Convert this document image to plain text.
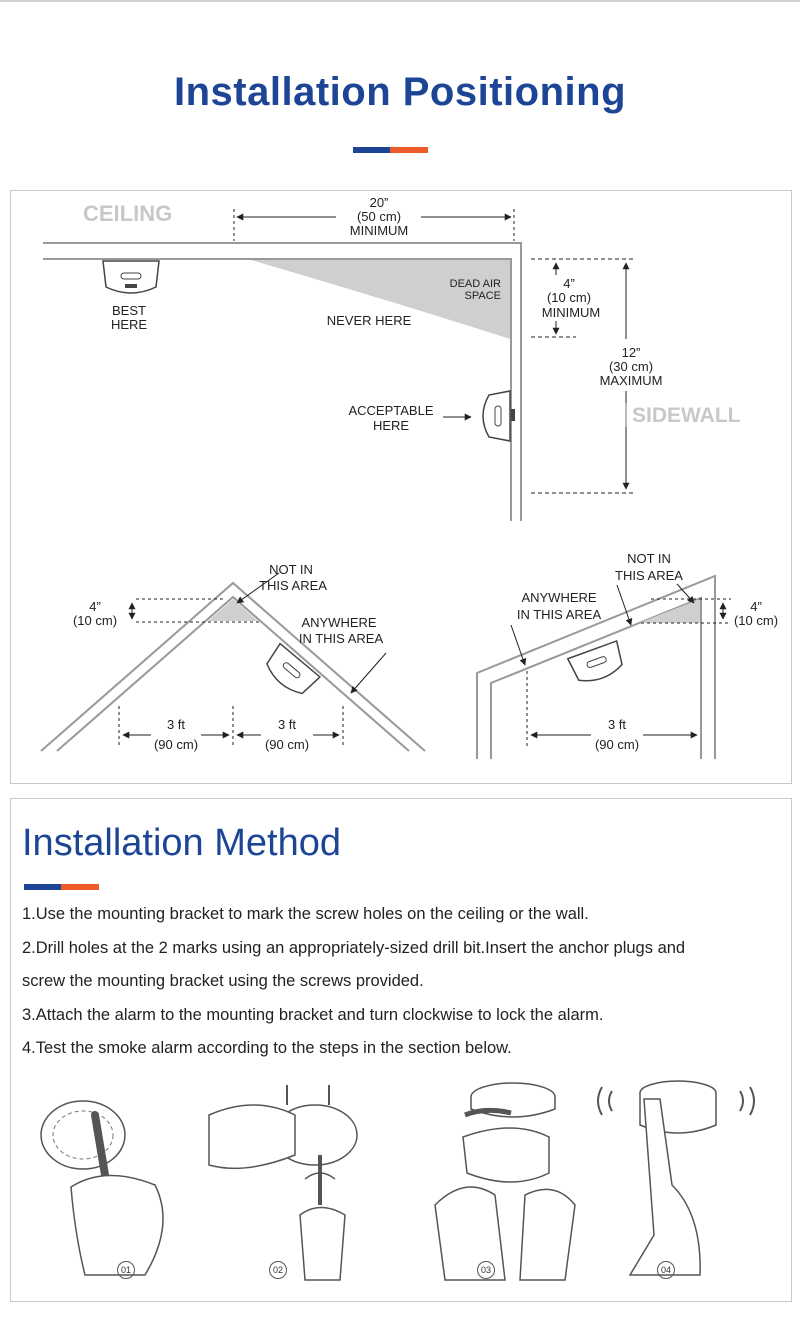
Installation Positioning
CEILING	20”
(50 cm)
MINIMUM
BEST
HERE	NEVER HERE
DEAD AIR
SPACE
4”
(10 cm)
MINIMUM
12”
(30 cm)
MAXIMUM
SIDEWALL
ACCEPTABLE
HERE
4”
(10 cm)
NOT IN
THIS AREA
ANYWHERE
IN THIS AREA
3 ft
(90 cm)
3 ft
(90 cm)
4”
(10 cm)
NOT IN
THIS AREA
ANYWHERE
IN THIS AREA
3 ft
(90 cm)
Installation Method
1.Use the mounting bracket to mark the screw holes on the ceiling or the wall.
2.Drill holes at the 2 marks using an appropriately-sized drill bit.Insert the anchor plugs and
screw the mounting bracket using the screws provided.
3.Attach the alarm to the mounting bracket and turn clockwise to lock the alarm.
4.Test the smoke alarm according to the steps in the section below.
01	02	03	04
